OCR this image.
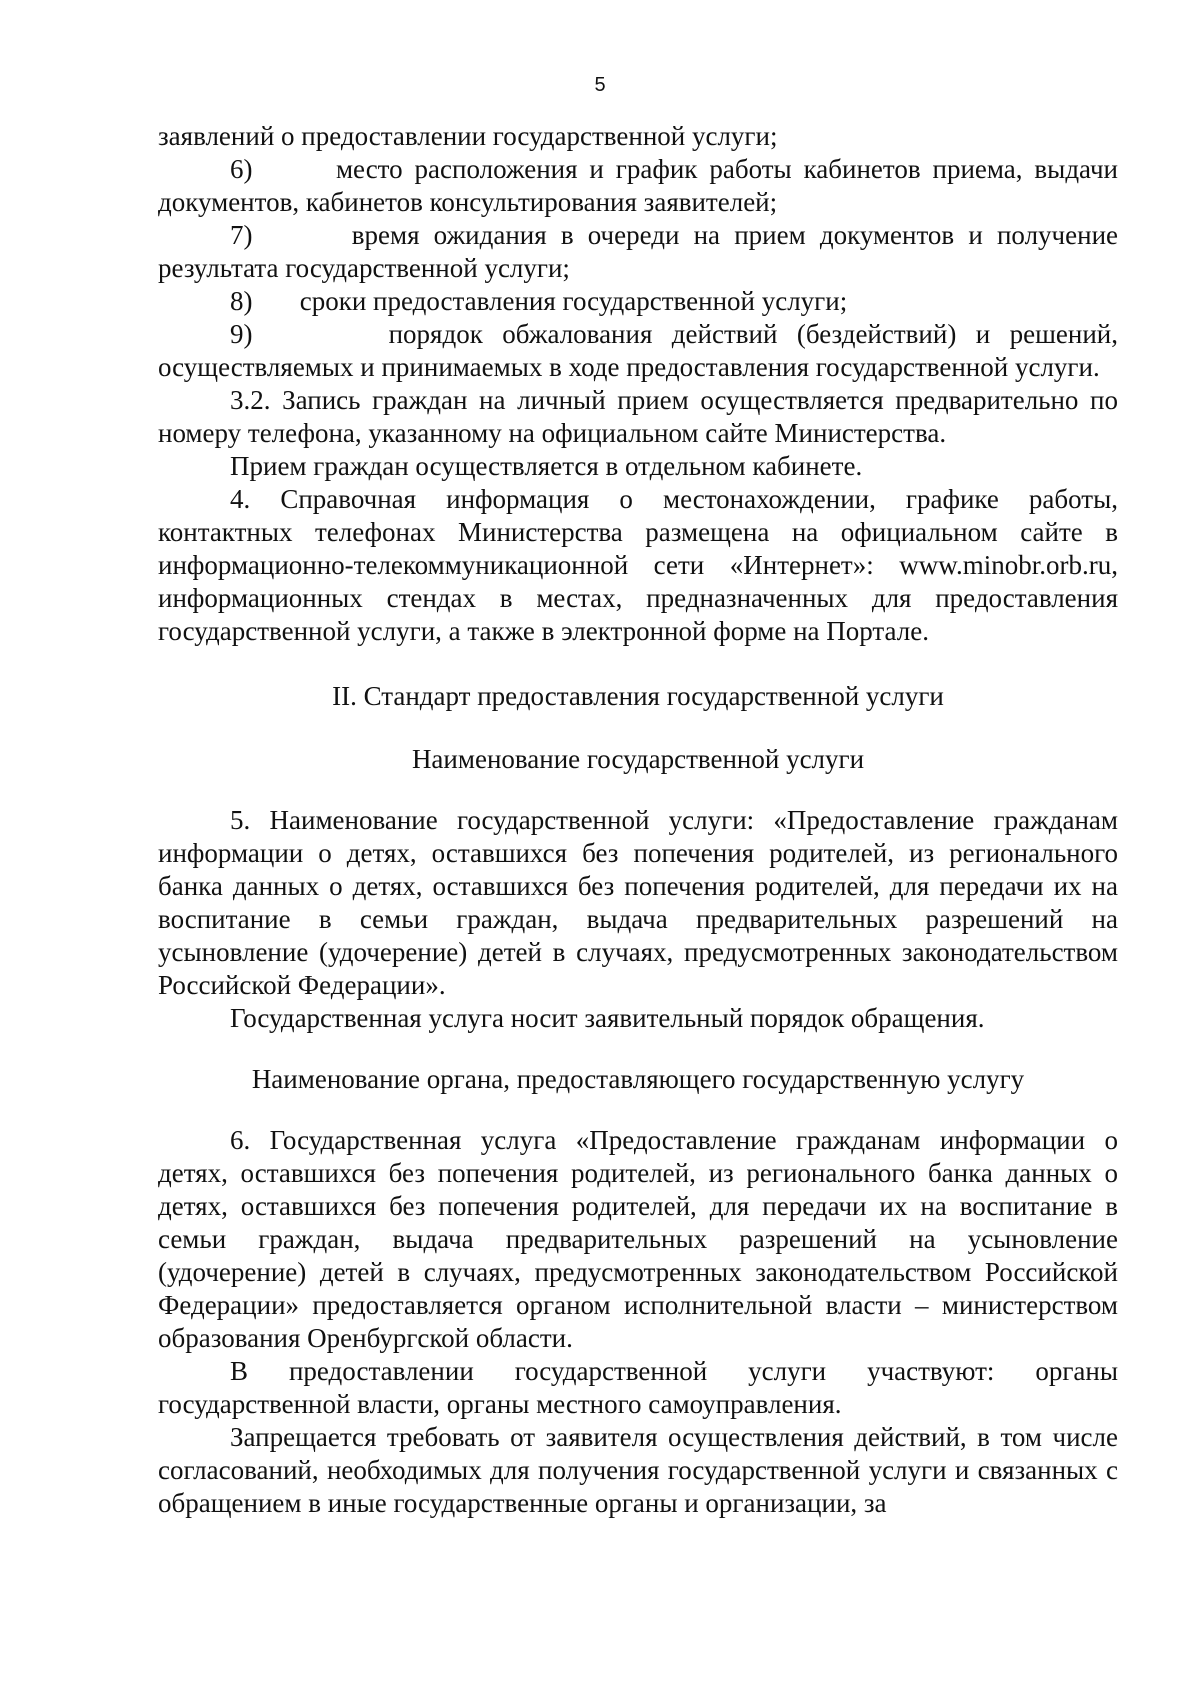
5

заявлений о предоставлении государственной услуги;

6)	место расположения и график работы кабинетов приема, выдачи документов, кабинетов консультирования заявителей;

7)	время ожидания в очереди на прием документов и получение результата государственной услуги;

8) сроки предоставления государственной услуги;

9)	порядок обжалования действий (бездействий) и решений, осуществляемых и принимаемых в ходе предоставления государственной услуги.

3.2. Запись граждан на личный прием осуществляется предварительно по номеру телефона, указанному на официальном сайте Министерства.

Прием граждан осуществляется в отдельном кабинете.

4. Справочная информация о местонахождении, графике работы, контактных телефонах Министерства размещена на официальном сайте в информационно-телекоммуникационной сети «Интернет»: www.minobr.orb.ru, информационных стендах в местах, предназначенных для предоставления государственной услуги, а также в электронной форме на Портале.

II. Стандарт предоставления государственной услуги
Наименование государственной услуги

5. Наименование государственной услуги: «Предоставление гражданам информации о детях, оставшихся без попечения родителей, из регионального банка данных о детях, оставшихся без попечения родителей, для передачи их на воспитание в семьи граждан, выдача предварительных разрешений на усыновление (удочерение) детей в случаях, предусмотренных законодательством Российской Федерации».

Государственная услуга носит заявительный порядок обращения.

Наименование органа, предоставляющего государственную услугу

6. Государственная услуга «Предоставление гражданам информации о детях, оставшихся без попечения родителей, из регионального банка данных о детях, оставшихся без попечения родителей, для передачи их на воспитание в семьи граждан, выдача предварительных разрешений на усыновление (удочерение) детей в случаях, предусмотренных законодательством Российской Федерации» предоставляется органом исполнительной власти – министерством образования Оренбургской области.

В предоставлении государственной услуги участвуют: органы государственной власти, органы местного самоуправления.

Запрещается требовать от заявителя осуществления действий, в том числе согласований, необходимых для получения государственной услуги и связанных с обращением в иные государственные органы и организации, за
